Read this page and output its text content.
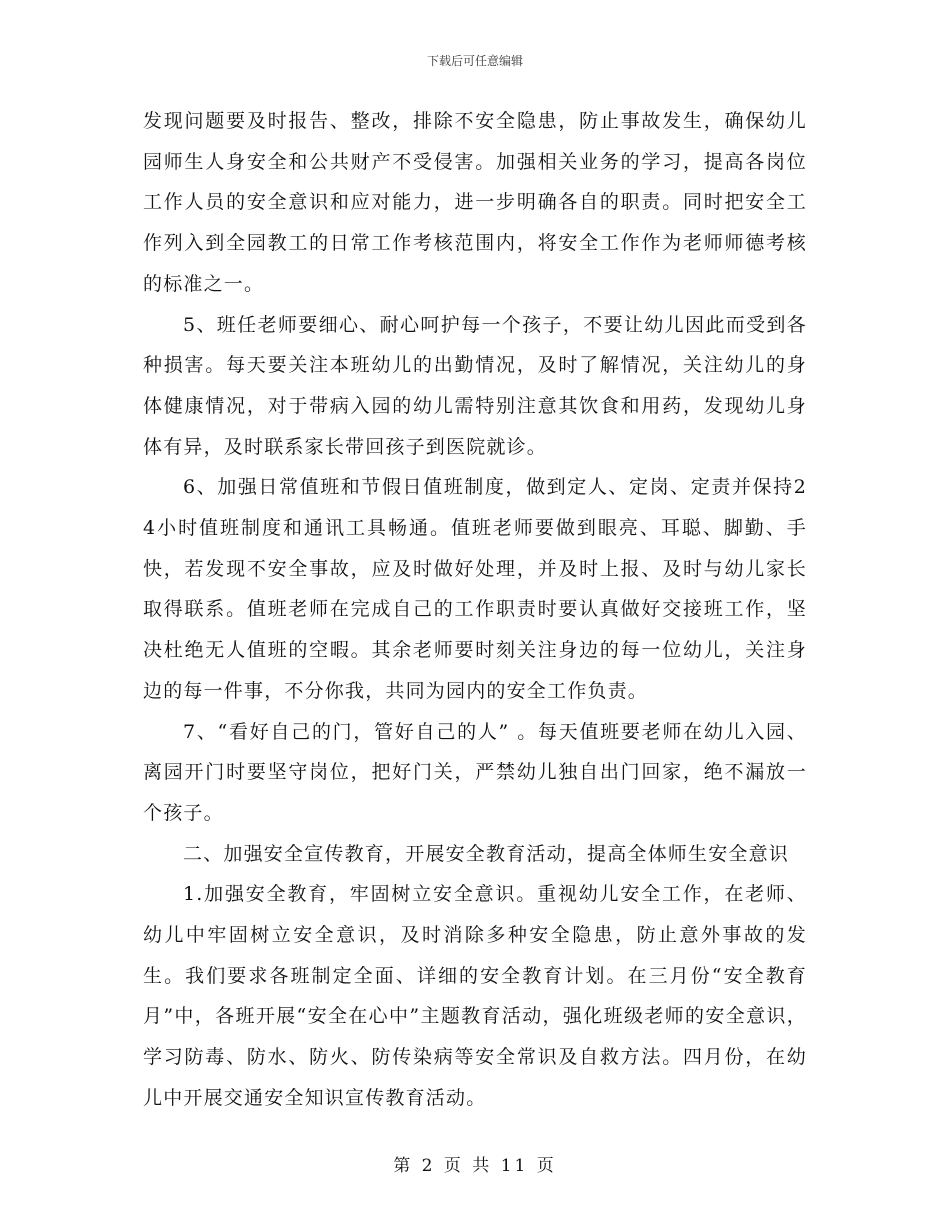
下载后可任意编辑

发现问题要及时报告、整改，排除不安全隐患，防止事故发生，确保幼儿园师生人身安全和公共财产不受侵害。加强相关业务的学习，提高各岗位工作人员的安全意识和应对能力，进一步明确各自的职责。同时把安全工作列入到全园教工的日常工作考核范围内，将安全工作作为老师师德考核的标准之一。

5、班任老师要细心、耐心呵护每一个孩子，不要让幼儿因此而受到各种损害。每天要关注本班幼儿的出勤情况，及时了解情况，关注幼儿的身体健康情况，对于带病入园的幼儿需特别注意其饮食和用药，发现幼儿身体有异，及时联系家长带回孩子到医院就诊。

6、加强日常值班和节假日值班制度，做到定人、定岗、定责并保持24小时值班制度和通讯工具畅通。值班老师要做到眼亮、耳聪、脚勤、手快，若发现不安全事故，应及时做好处理，并及时上报、及时与幼儿家长取得联系。值班老师在完成自己的工作职责时要认真做好交接班工作，坚决杜绝无人值班的空暇。其余老师要时刻关注身边的每一位幼儿，关注身边的每一件事，不分你我，共同为园内的安全工作负责。

7、“看好自己的门，管好自己的人” 。每天值班要老师在幼儿入园、离园开门时要坚守岗位，把好门关，严禁幼儿独自出门回家，绝不漏放一个孩子。

二、加强安全宣传教育，开展安全教育活动，提高全体师生安全意识

1.加强安全教育，牢固树立安全意识。重视幼儿安全工作，在老师、幼儿中牢固树立安全意识，及时消除多种安全隐患，防止意外事故的发生。我们要求各班制定全面、详细的安全教育计划。在三月份“安全教育月”中，各班开展“安全在心中”主题教育活动，强化班级老师的安全意识，学习防毒、防水、防火、防传染病等安全常识及自救方法。四月份，在幼儿中开展交通安全知识宣传教育活动。

第 2 页 共 11 页
